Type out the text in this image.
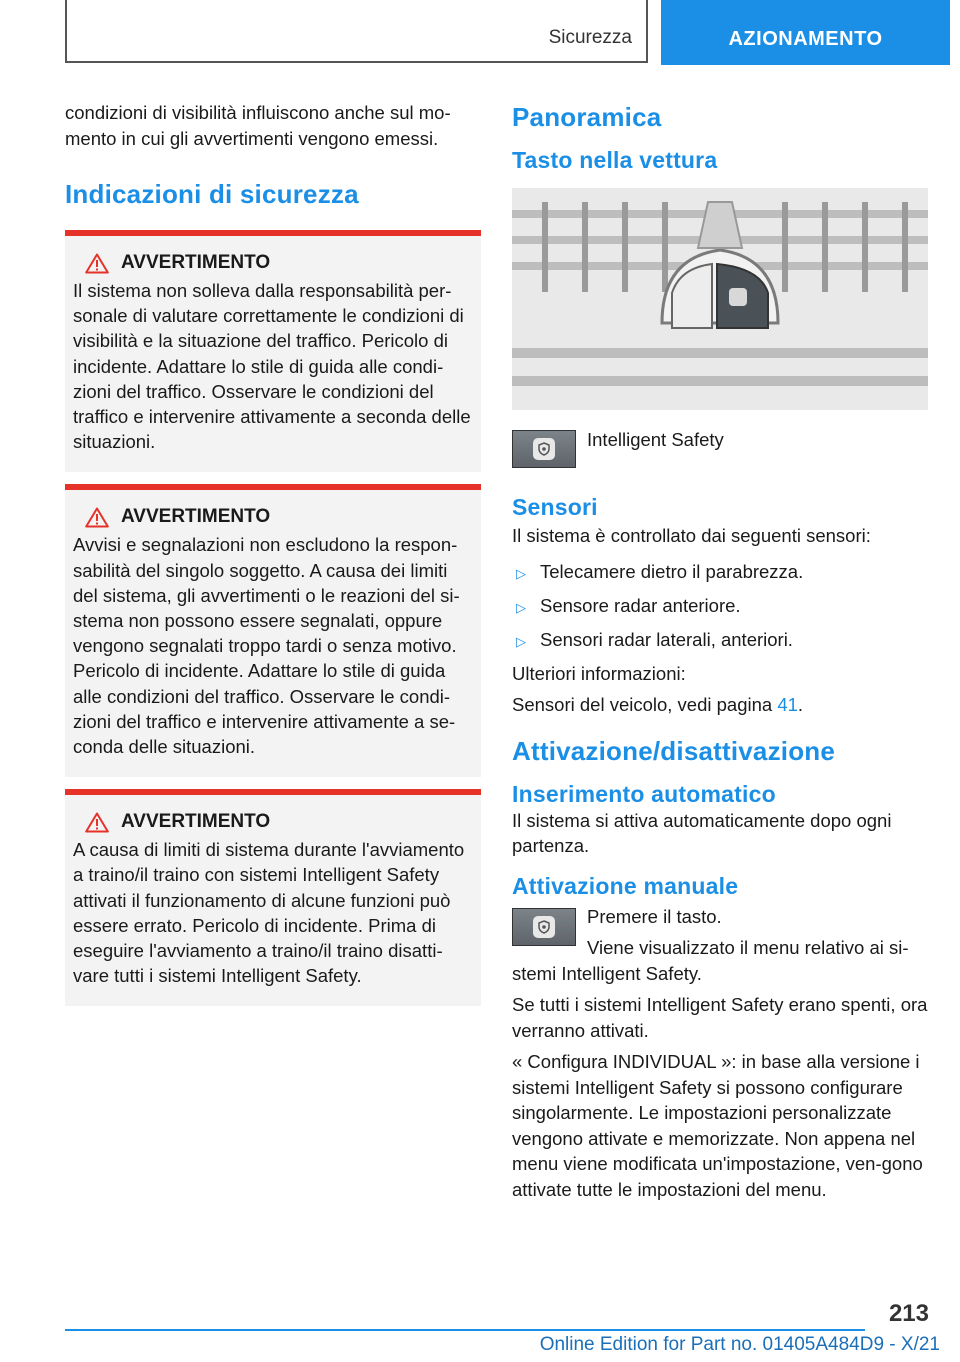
Sicurezza	AZIONAMENTO

condizioni di visibilità influiscono anche sul mo-mento in cui gli avvertimenti vengono emessi.

Indicazioni di sicurezza
AVVERTIMENTO

Il sistema non solleva dalla responsabilità per-sonale di valutare correttamente le condizioni di visibilità e la situazione del traffico. Pericolo di incidente. Adattare lo stile di guida alle condi-zioni del traffico. Osservare le condizioni del traffico e intervenire attivamente a seconda delle situazioni.

AVVERTIMENTO

Avvisi e segnalazioni non escludono la respon-sabilità del singolo soggetto. A causa dei limiti del sistema, gli avvertimenti o le reazioni del si-stema non possono essere segnalati, oppure vengono segnalati troppo tardi o senza motivo. Pericolo di incidente. Adattare lo stile di guida alle condizioni del traffico. Osservare le condi-zioni del traffico e intervenire attivamente a se-conda delle situazioni.

AVVERTIMENTO

A causa di limiti di sistema durante l'avviamento a traino/il traino con sistemi Intelligent Safety attivati il funzionamento di alcune funzioni può essere errato. Pericolo di incidente. Prima di eseguire l'avviamento a traino/il traino disatti-vare tutti i sistemi Intelligent Safety.

Panoramica
Tasto nella vettura
Intelligent Safety
Sensori

Il sistema è controllato dai seguenti sensori:

▷ Telecamere dietro il parabrezza.
▷ Sensore radar anteriore.
▷ Sensori radar laterali, anteriori.

Ulteriori informazioni:

Sensori del veicolo, vedi pagina 41.

Attivazione/disattivazione
Inserimento automatico

Il sistema si attiva automaticamente dopo ogni partenza.

Attivazione manuale

Premere il tasto.

Viene visualizzato il menu relativo ai si-stemi Intelligent Safety.

Se tutti i sistemi Intelligent Safety erano spenti, ora verranno attivati.

« Configura INDIVIDUAL »: in base alla versione i sistemi Intelligent Safety si possono configurare singolarmente. Le impostazioni personalizzate vengono attivate e memorizzate. Non appena nel menu viene modificata un'impostazione, ven-gono attivate tutte le impostazioni del menu.

213
Online Edition for Part no. 01405A484D9 - X/21
